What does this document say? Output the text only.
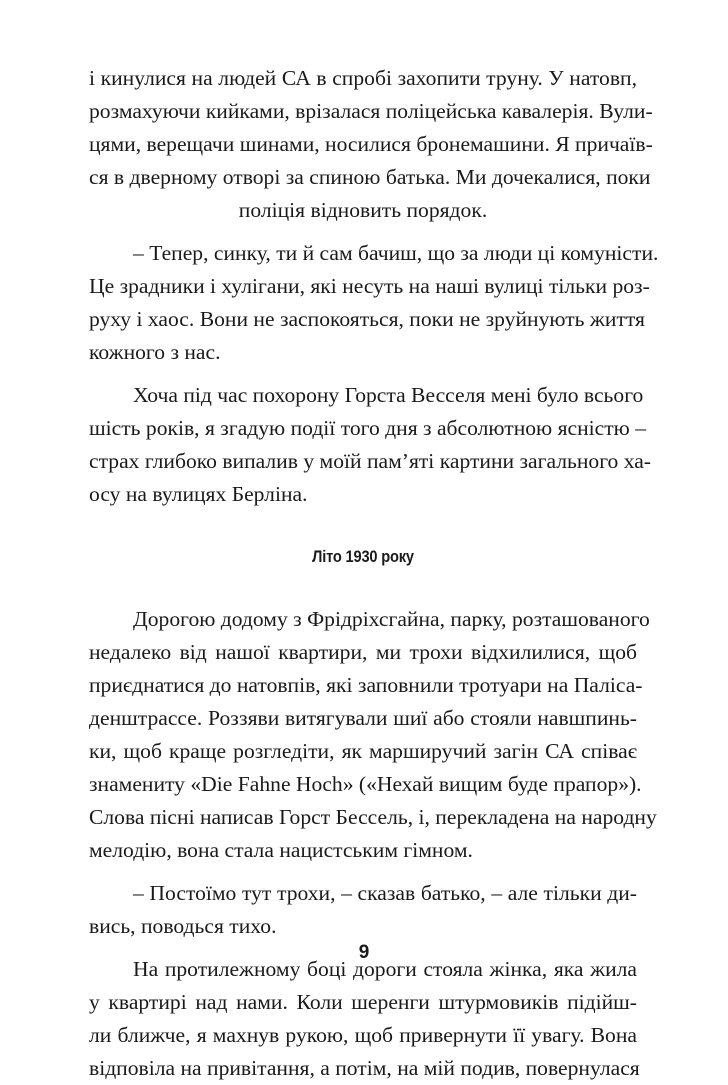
і кинулися на людей СА в спробі захопити труну. У натовп,
розмахуючи кийками, врізалася поліцейська кавалерія. Вули-
цями, верещачи шинами, носилися бронемашини. Я причаїв-
ся в дверному отворі за спиною батька. Ми дочекалися, поки
поліція відновить порядок.

– Тепер, синку, ти й сам бачиш, що за люди ці комуністи.
Це зрадники і хулігани, які несуть на наші вулиці тільки роз-
руху і хаос. Вони не заспокояться, поки не зруйнують життя
кожного з нас.

Хоча під час похорону Горста Весселя мені було всього
шість років, я згадую події того дня з абсолютною ясністю –
страх глибоко випалив у моїй пам’яті картини загального ха-
осу на вулицях Берліна.

Літо 1930 року

Дорогою додому з Фрідріхсгайна, парку, розташованого
недалеко від нашої квартири, ми трохи відхилилися, щоб
приєднатися до натовпів, які заповнили тротуари на Паліса-
денштрассе. Роззяви витягували шиї або стояли навшпинь-
ки, щоб краще розгледіти, як марширучий загін СА співає
знамениту «Die Fahne Hoch» («Нехай вищим буде прапор»).
Слова пісні написав Горст Бессель, і, перекладена на народну
мелодію, вона стала нацистським гімном.

– Постоїмо тут трохи, – сказав батько, – але тільки ди-
вись, поводься тихо.

На протилежному боці дороги стояла жінка, яка жила
у квартирі над нами. Коли шеренги штурмовиків підійш-
ли ближче, я махнув рукою, щоб привернути її увагу. Вона
відповіла на привітання, а потім, на мій подив, повернулася

9
